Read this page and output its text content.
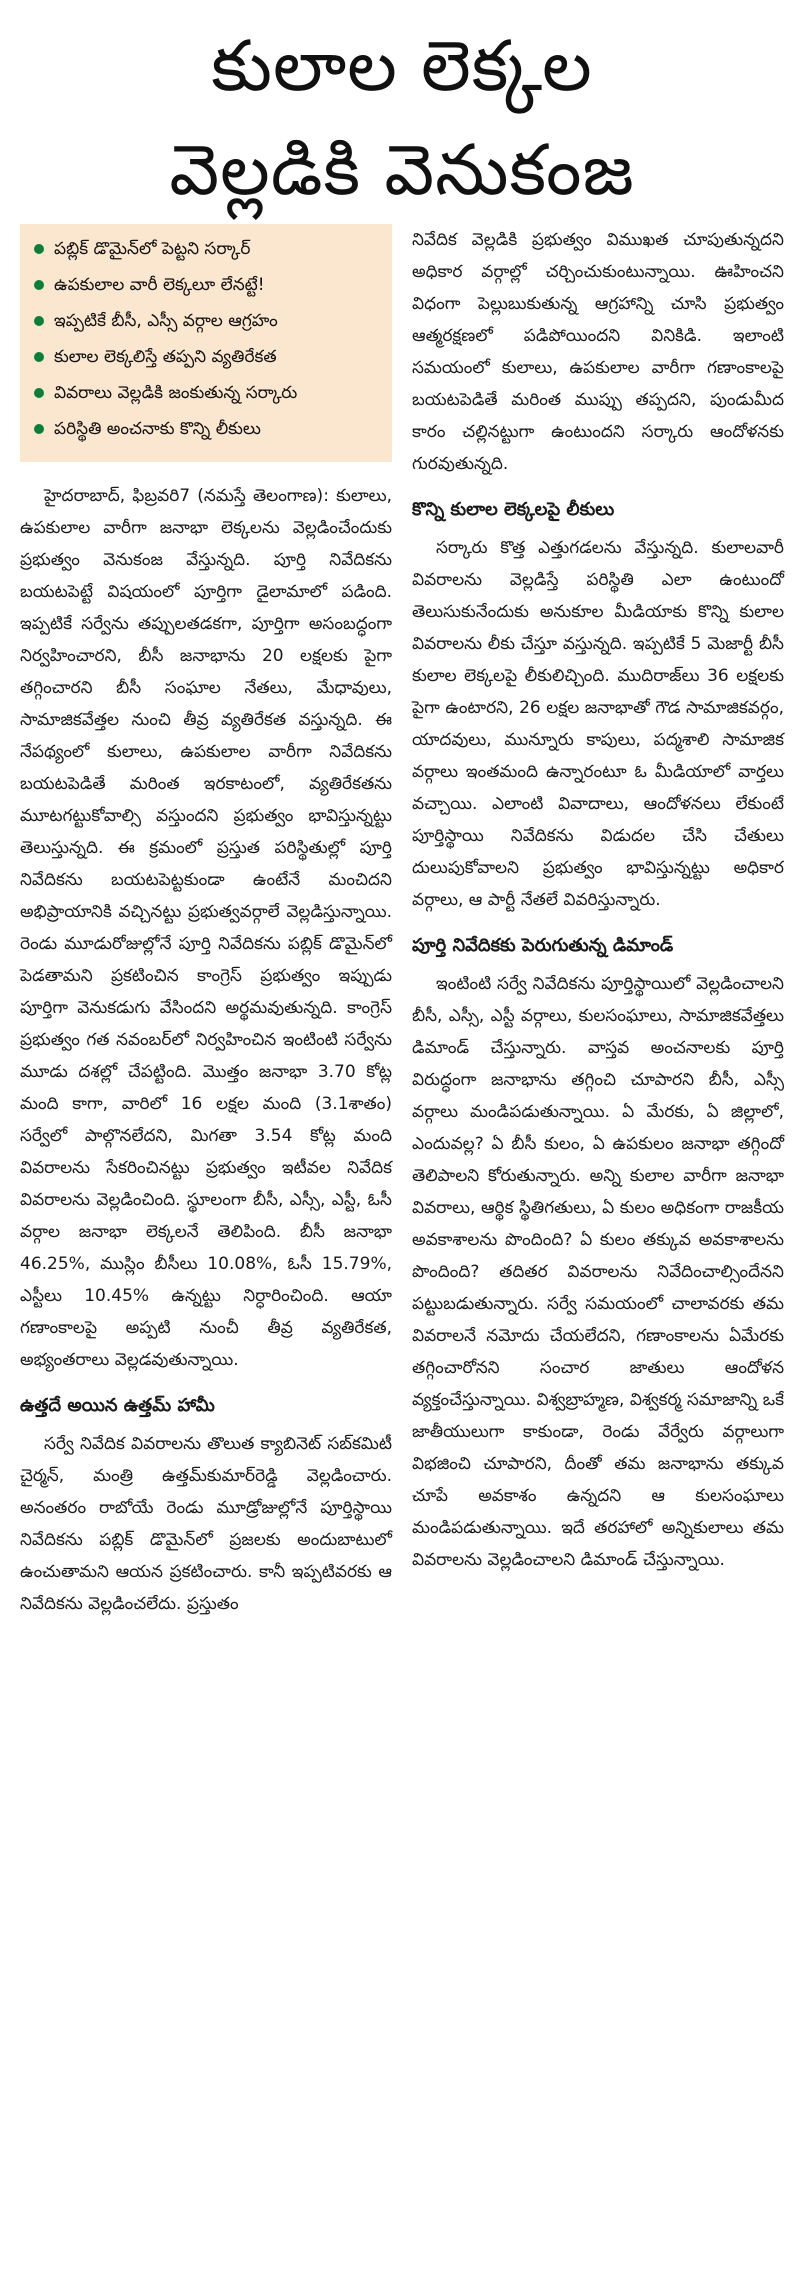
కులాల లెక్కల
వెల్లడికి వెనుకంజ
పబ్లిక్ డొమైన్‌లో పెట్టని సర్కార్
ఉపకులాల వారీ లెక్కలూ లేనట్టే!
ఇప్పటికే బీసీ, ఎస్సీ వర్గాల ఆగ్రహం
కులాల లెక్కలిస్తే తప్పని వ్యతిరేకత
వివరాలు వెల్లడికి జంకుతున్న సర్కారు
పరిస్థితి అంచనాకు కొన్ని లీకులు

హైదరాబాద్, ఫిబ్రవరి7 (నమస్తే తెలంగాణ): కులాలు, ఉపకులాల వారీగా జనాభా లెక్కలను వెల్లడించేందుకు ప్రభుత్వం వెనుకంజ వేస్తున్నది. పూర్తి నివేదికను బయటపెట్టే విషయంలో పూర్తిగా డైలామాలో పడింది. ఇప్పటికే సర్వేను తప్పులతడకగా, పూర్తిగా అసంబద్ధంగా నిర్వహించారని, బీసీ జనాభాను 20 లక్షలకు పైగా తగ్గించారని బీసీ సంఘాల నేతలు, మేధావులు, సామాజికవేత్తల నుంచి తీవ్ర వ్యతిరేకత వస్తున్నది. ఈ నేపథ్యంలో కులాలు, ఉపకులాల వారీగా నివేదికను బయటపెడితే మరింత ఇరకాటంలో, వ్యతిరేకతను మూటగట్టుకోవాల్సి వస్తుందని ప్రభుత్వం భావిస్తున్నట్టు తెలుస్తున్నది. ఈ క్రమంలో ప్రస్తుత పరిస్థితుల్లో పూర్తి నివేదికను బయటపెట్టకుండా ఉంటేనే మంచిదని అభిప్రాయానికి వచ్చినట్టు ప్రభుత్వవర్గాలే వెల్లడిస్తున్నాయి. రెండు మూడురోజుల్లోనే పూర్తి నివేదికను పబ్లిక్ డొమైన్‌లో పెడతామని ప్రకటించిన కాంగ్రెస్ ప్రభుత్వం ఇప్పుడు పూర్తిగా వెనుకడుగు వేసిందని అర్థమవుతున్నది. కాంగ్రెస్ ప్రభుత్వం గత నవంబర్‌లో నిర్వహించిన ఇంటింటి సర్వేను మూడు దశల్లో చేపట్టింది. మొత్తం జనాభా 3.70 కోట్ల మంది కాగా, వారిలో 16 లక్షల మంది (3.1శాతం) సర్వేలో పాల్గొనలేదని, మిగతా 3.54 కోట్ల మంది వివరాలను సేకరించినట్టు ప్రభుత్వం ఇటీవల నివేదిక వివరాలను వెల్లడించింది. స్థూలంగా బీసీ, ఎస్సీ, ఎస్టీ, ఓసీ వర్గాల జనాభా లెక్కలనే తెలిపింది. బీసీ జనాభా 46.25%, ముస్లిం బీసీలు 10.08%, ఓసీ 15.79%, ఎస్టీలు 10.45% ఉన్నట్టు నిర్ధారించింది. ఆయా గణాంకాలపై అప్పటి నుంచీ తీవ్ర వ్యతిరేకత, అభ్యంతరాలు వెల్లడవుతున్నాయి.

ఉత్తదే అయిన ఉత్తమ్ హామీ

సర్వే నివేదిక వివరాలను తొలుత క్యాబినెట్ సబ్‌కమిటీ చైర్మన్, మంత్రి ఉత్తమ్‌కుమార్‌రెడ్డి వెల్లడించారు. అనంతరం రాబోయే రెండు మూడ్రోజుల్లోనే పూర్తిస్థాయి నివేదికను పబ్లిక్ డొమైన్‌లో ప్రజలకు అందుబాటులో ఉంచుతామని ఆయన ప్రకటించారు. కానీ ఇప్పటివరకు ఆ నివేదికను వెల్లడించలేదు. ప్రస్తుతం

నివేదిక వెల్లడికి ప్రభుత్వం విముఖత చూపుతున్నదని అధికార వర్గాల్లో చర్చించుకుంటున్నాయి. ఊహించని విధంగా పెల్లుబుకుతున్న ఆగ్రహాన్ని చూసి ప్రభుత్వం ఆత్మరక్షణలో పడిపోయిందని వినికిడి. ఇలాంటి సమయంలో కులాలు, ఉపకులాల వారీగా గణాంకాలపై బయటపెడితే మరింత ముప్పు తప్పదని, పుండుమీద కారం చల్లినట్టుగా ఉంటుందని సర్కారు ఆందోళనకు గురవుతున్నది.

కొన్ని కులాల లెక్కలపై లీకులు

సర్కారు కొత్త ఎత్తుగడలను వేస్తున్నది. కులాలవారీ వివరాలను వెల్లడిస్తే పరిస్థితి ఎలా ఉంటుందో తెలుసుకునేందుకు అనుకూల మీడియాకు కొన్ని కులాల వివరాలను లీకు చేస్తూ వస్తున్నది. ఇప్పటికే 5 మెజార్టీ బీసీ కులాల లెక్కలపై లీకులిచ్చింది. ముదిరాజ్‌లు 36 లక్షలకు పైగా ఉంటారని, 26 లక్షల జనాభాతో గౌడ సామాజికవర్గం, యాదవులు, మున్నూరు కాపులు, పద్మశాలి సామాజిక వర్గాలు ఇంతమంది ఉన్నారంటూ ఓ మీడియాలో వార్తలు వచ్చాయి. ఎలాంటి వివాదాలు, ఆందోళనలు లేకుంటే పూర్తిస్థాయి నివేదికను విడుదల చేసి చేతులు దులుపుకోవాలని ప్రభుత్వం భావిస్తున్నట్టు అధికార వర్గాలు, ఆ పార్టీ నేతలే వివరిస్తున్నారు.

పూర్తి నివేదికకు పెరుగుతున్న డిమాండ్

ఇంటింటి సర్వే నివేదికను పూర్తిస్థాయిలో వెల్లడించాలని బీసీ, ఎస్సీ, ఎస్టీ వర్గాలు, కులసంఘాలు, సామాజికవేత్తలు డిమాండ్ చేస్తున్నారు. వాస్తవ అంచనాలకు పూర్తి విరుద్ధంగా జనాభాను తగ్గించి చూపారని బీసీ, ఎస్సీ వర్గాలు మండిపడుతున్నాయి. ఏ మేరకు, ఏ జిల్లాలో, ఎందువల్ల? ఏ బీసీ కులం, ఏ ఉపకులం జనాభా తగ్గిందో తెలిపాలని కోరుతున్నారు. అన్ని కులాల వారీగా జనాభా వివరాలు, ఆర్థిక స్థితిగతులు, ఏ కులం అధికంగా రాజకీయ అవకాశాలను పొందింది? ఏ కులం తక్కువ అవకాశాలను పొందింది? తదితర వివరాలను నివేదించాల్సిందేనని పట్టుబడుతున్నారు. సర్వే సమయంలో చాలావరకు తమ వివరాలనే నమోదు చేయలేదని, గణాంకాలను ఏమేరకు తగ్గించారోనని సంచార జాతులు ఆందోళన వ్యక్తంచేస్తున్నాయి. విశ్వబ్రాహ్మణ, విశ్వకర్మ సమాజాన్ని ఒకే జాతీయులుగా కాకుండా, రెండు వేర్వేరు వర్గాలుగా విభజించి చూపారని, దీంతో తమ జనాభాను తక్కువ చూపే అవకాశం ఉన్నదని ఆ కులసంఘాలు మండిపడుతున్నాయి. ఇదే తరహాలో అన్నికులాలు తమ వివరాలను వెల్లడించాలని డిమాండ్ చేస్తున్నాయి.
